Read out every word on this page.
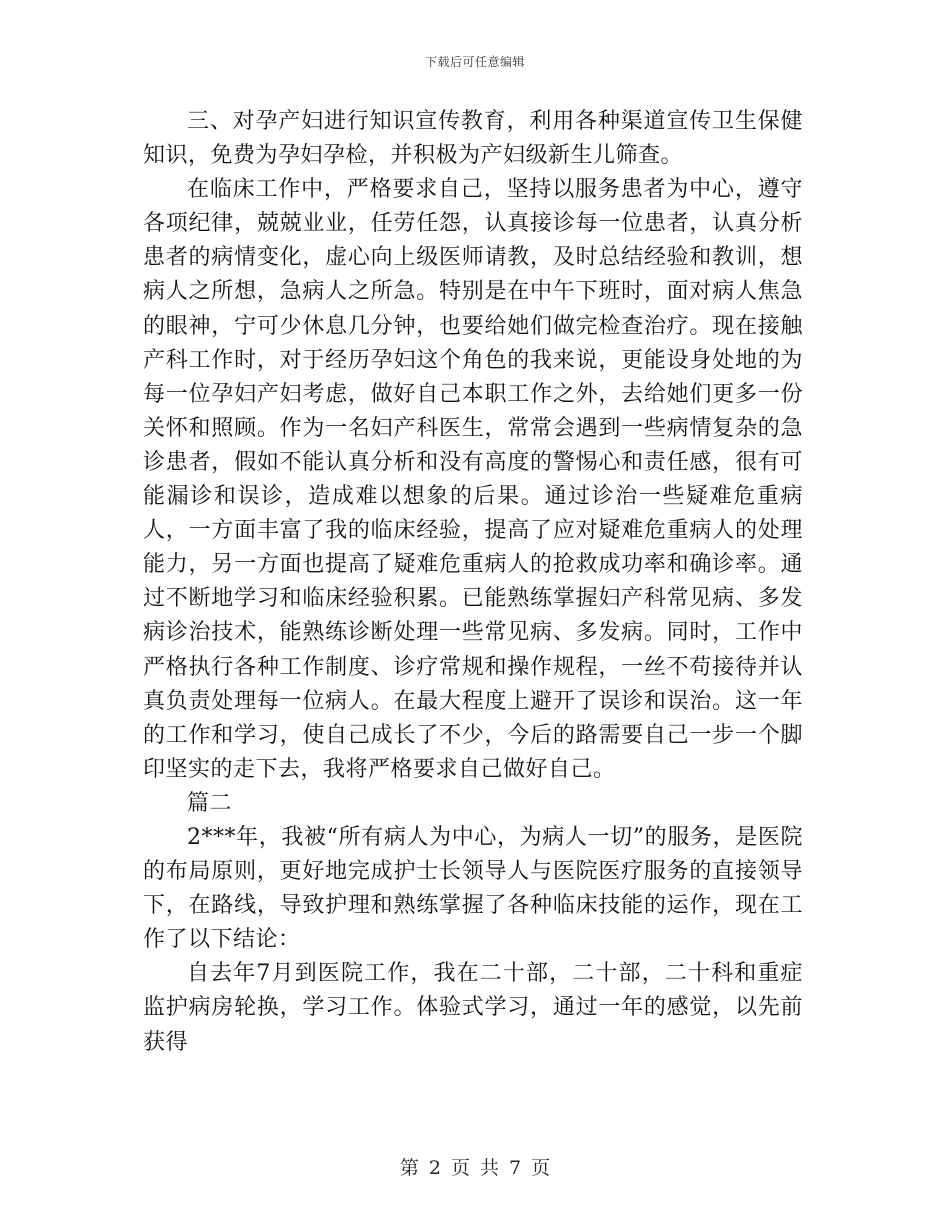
下载后可任意编辑

三、对孕产妇进行知识宣传教育，利用各种渠道宣传卫生保健知识，免费为孕妇孕检，并积极为产妇级新生儿筛查。

在临床工作中，严格要求自己，坚持以服务患者为中心，遵守各项纪律，兢兢业业，任劳任怨，认真接诊每一位患者，认真分析患者的病情变化，虚心向上级医师请教，及时总结经验和教训，想病人之所想，急病人之所急。特别是在中午下班时，面对病人焦急的眼神，宁可少休息几分钟，也要给她们做完检查治疗。现在接触产科工作时，对于经历孕妇这个角色的我来说，更能设身处地的为每一位孕妇产妇考虑，做好自己本职工作之外，去给她们更多一份关怀和照顾。作为一名妇产科医生，常常会遇到一些病情复杂的急诊患者，假如不能认真分析和没有高度的警惕心和责任感，很有可能漏诊和误诊，造成难以想象的后果。通过诊治一些疑难危重病人，一方面丰富了我的临床经验，提高了应对疑难危重病人的处理能力，另一方面也提高了疑难危重病人的抢救成功率和确诊率。通过不断地学习和临床经验积累。已能熟练掌握妇产科常见病、多发病诊治技术，能熟练诊断处理一些常见病、多发病。同时，工作中严格执行各种工作制度、诊疗常规和操作规程，一丝不苟接待并认真负责处理每一位病人。在最大程度上避开了误诊和误治。这一年的工作和学习，使自己成长了不少，今后的路需要自己一步一个脚印坚实的走下去，我将严格要求自己做好自己。

篇二

2***年，我被“所有病人为中心，为病人一切”的服务，是医院的布局原则，更好地完成护士长领导人与医院医疗服务的直接领导下，在路线，导致护理和熟练掌握了各种临床技能的运作，现在工作了以下结论：

自去年7月到医院工作，我在二十部，二十部，二十科和重症监护病房轮换，学习工作。体验式学习，通过一年的感觉，以先前获得

第 2 页 共 7 页
